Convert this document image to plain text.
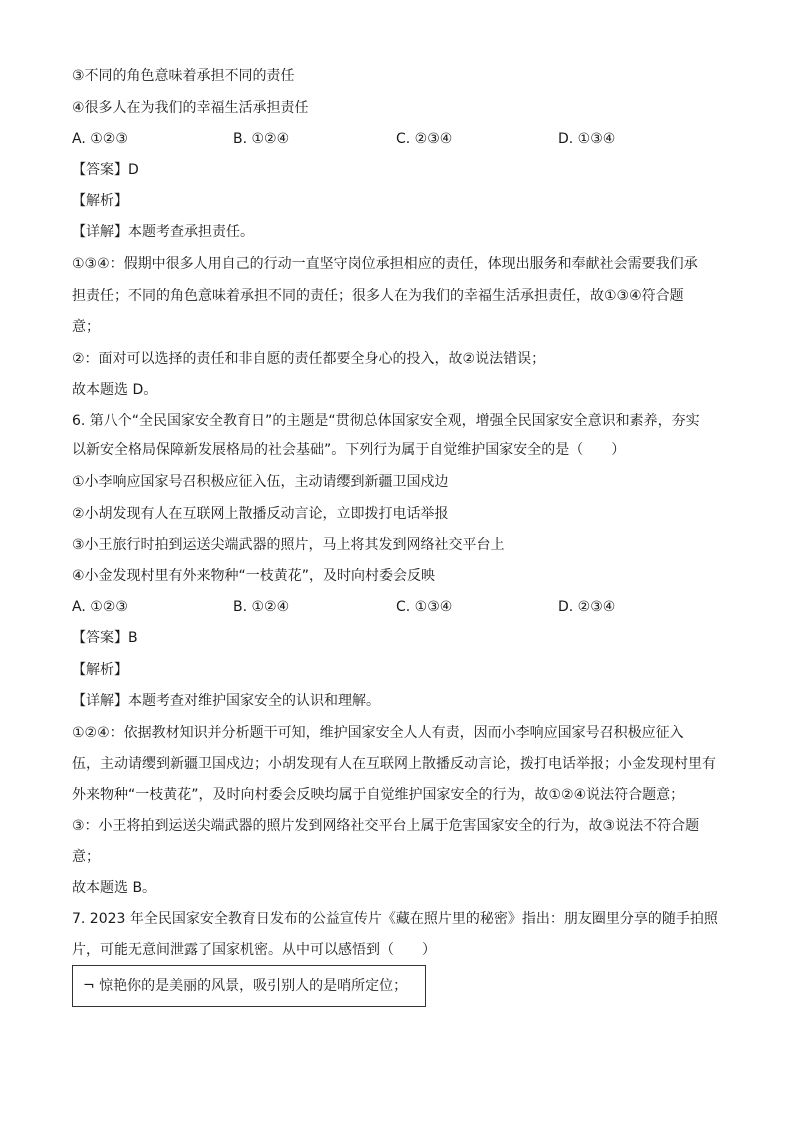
③不同的角色意味着承担不同的责任
④很多人在为我们的幸福生活承担责任
A. ①②③	B. ①②④	C. ②③④	D. ①③④
【答案】D
【解析】
【详解】本题考查承担责任。
①③④：假期中很多人用自己的行动一直坚守岗位承担相应的责任，体现出服务和奉献社会需要我们承
担责任；不同的角色意味着承担不同的责任；很多人在为我们的幸福生活承担责任，故①③④符合题
意；
②：面对可以选择的责任和非自愿的责任都要全身心的投入，故②说法错误；
故本题选 D。
6. 第八个“全民国家安全教育日”的主题是“贯彻总体国家安全观，增强全民国家安全意识和素养，夯实
以新安全格局保障新发展格局的社会基础”。下列行为属于自觉维护国家安全的是（　　）
①小李响应国家号召积极应征入伍，主动请缨到新疆卫国戍边
②小胡发现有人在互联网上散播反动言论，立即拨打电话举报
③小王旅行时拍到运送尖端武器的照片，马上将其发到网络社交平台上
④小金发现村里有外来物种“一枝黄花”，及时向村委会反映
A. ①②③	B. ①②④	C. ①③④	D. ②③④
【答案】B
【解析】
【详解】本题考查对维护国家安全的认识和理解。
①②④：依据教材知识并分析题干可知，维护国家安全人人有责，因而小李响应国家号召积极应征入
伍，主动请缨到新疆卫国戍边；小胡发现有人在互联网上散播反动言论，拨打电话举报；小金发现村里有
外来物种“一枝黄花”，及时向村委会反映均属于自觉维护国家安全的行为，故①②④说法符合题意；
③：小王将拍到运送尖端武器的照片发到网络社交平台上属于危害国家安全的行为，故③说法不符合题
意；
故本题选 B。
7. 2023 年全民国家安全教育日发布的公益宣传片《藏在照片里的秘密》指出：朋友圈里分享的随手拍照
片，可能无意间泄露了国家机密。从中可以感悟到（　　）
¬ 惊艳你的是美丽的风景，吸引别人的是哨所定位；
